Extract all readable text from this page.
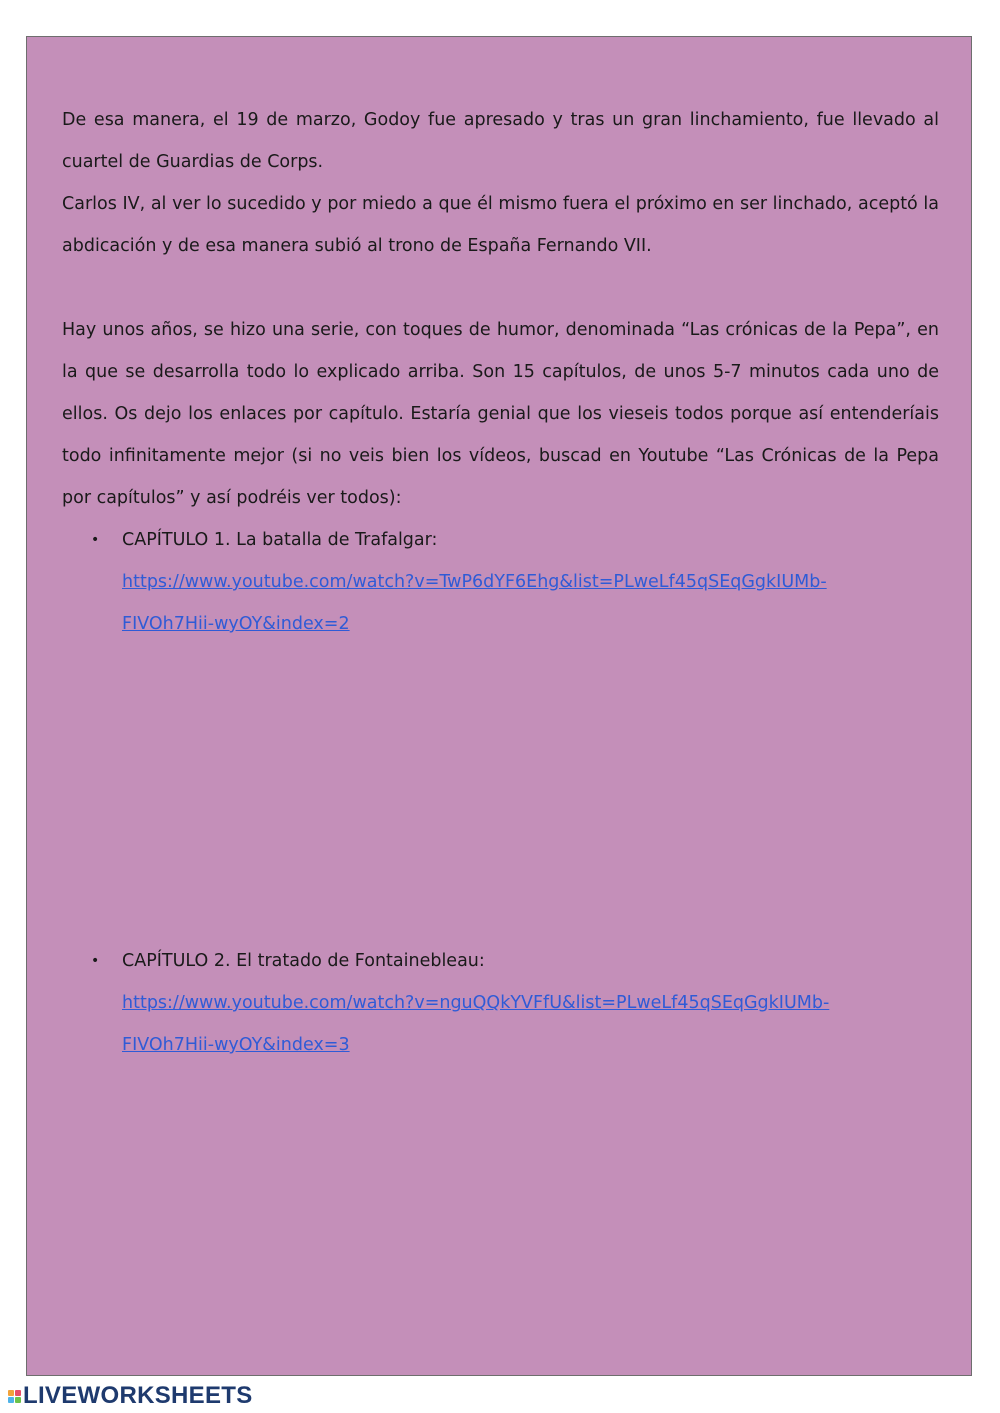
De esa manera, el 19 de marzo, Godoy fue apresado y tras un gran linchamiento, fue llevado al cuartel de Guardias de Corps.

Carlos IV, al ver lo sucedido y por miedo a que él mismo fuera el próximo en ser linchado, aceptó la abdicación y de esa manera subió al trono de España Fernando VII.

Hay unos años, se hizo una serie, con toques de humor, denominada “Las crónicas de la Pepa”, en la que se desarrolla todo lo explicado arriba. Son 15 capítulos, de unos 5-7 minutos cada uno de ellos. Os dejo los enlaces por capítulo. Estaría genial que los vieseis todos porque así entenderíais todo infinitamente mejor (si no veis bien los vídeos, buscad en Youtube “Las Crónicas de la Pepa por capítulos” y así podréis ver todos):

• CAPÍTULO 1. La batalla de Trafalgar:
https://www.youtube.com/watch?v=TwP6dYF6Ehg&list=PLweLf45qSEqGgkIUMb-
FIVOh7Hii-wyOY&index=2
• CAPÍTULO 2. El tratado de Fontainebleau:
https://www.youtube.com/watch?v=nguQQkYVFfU&list=PLweLf45qSEqGgkIUMb-
FIVOh7Hii-wyOY&index=3
LIVEWORKSHEETS
